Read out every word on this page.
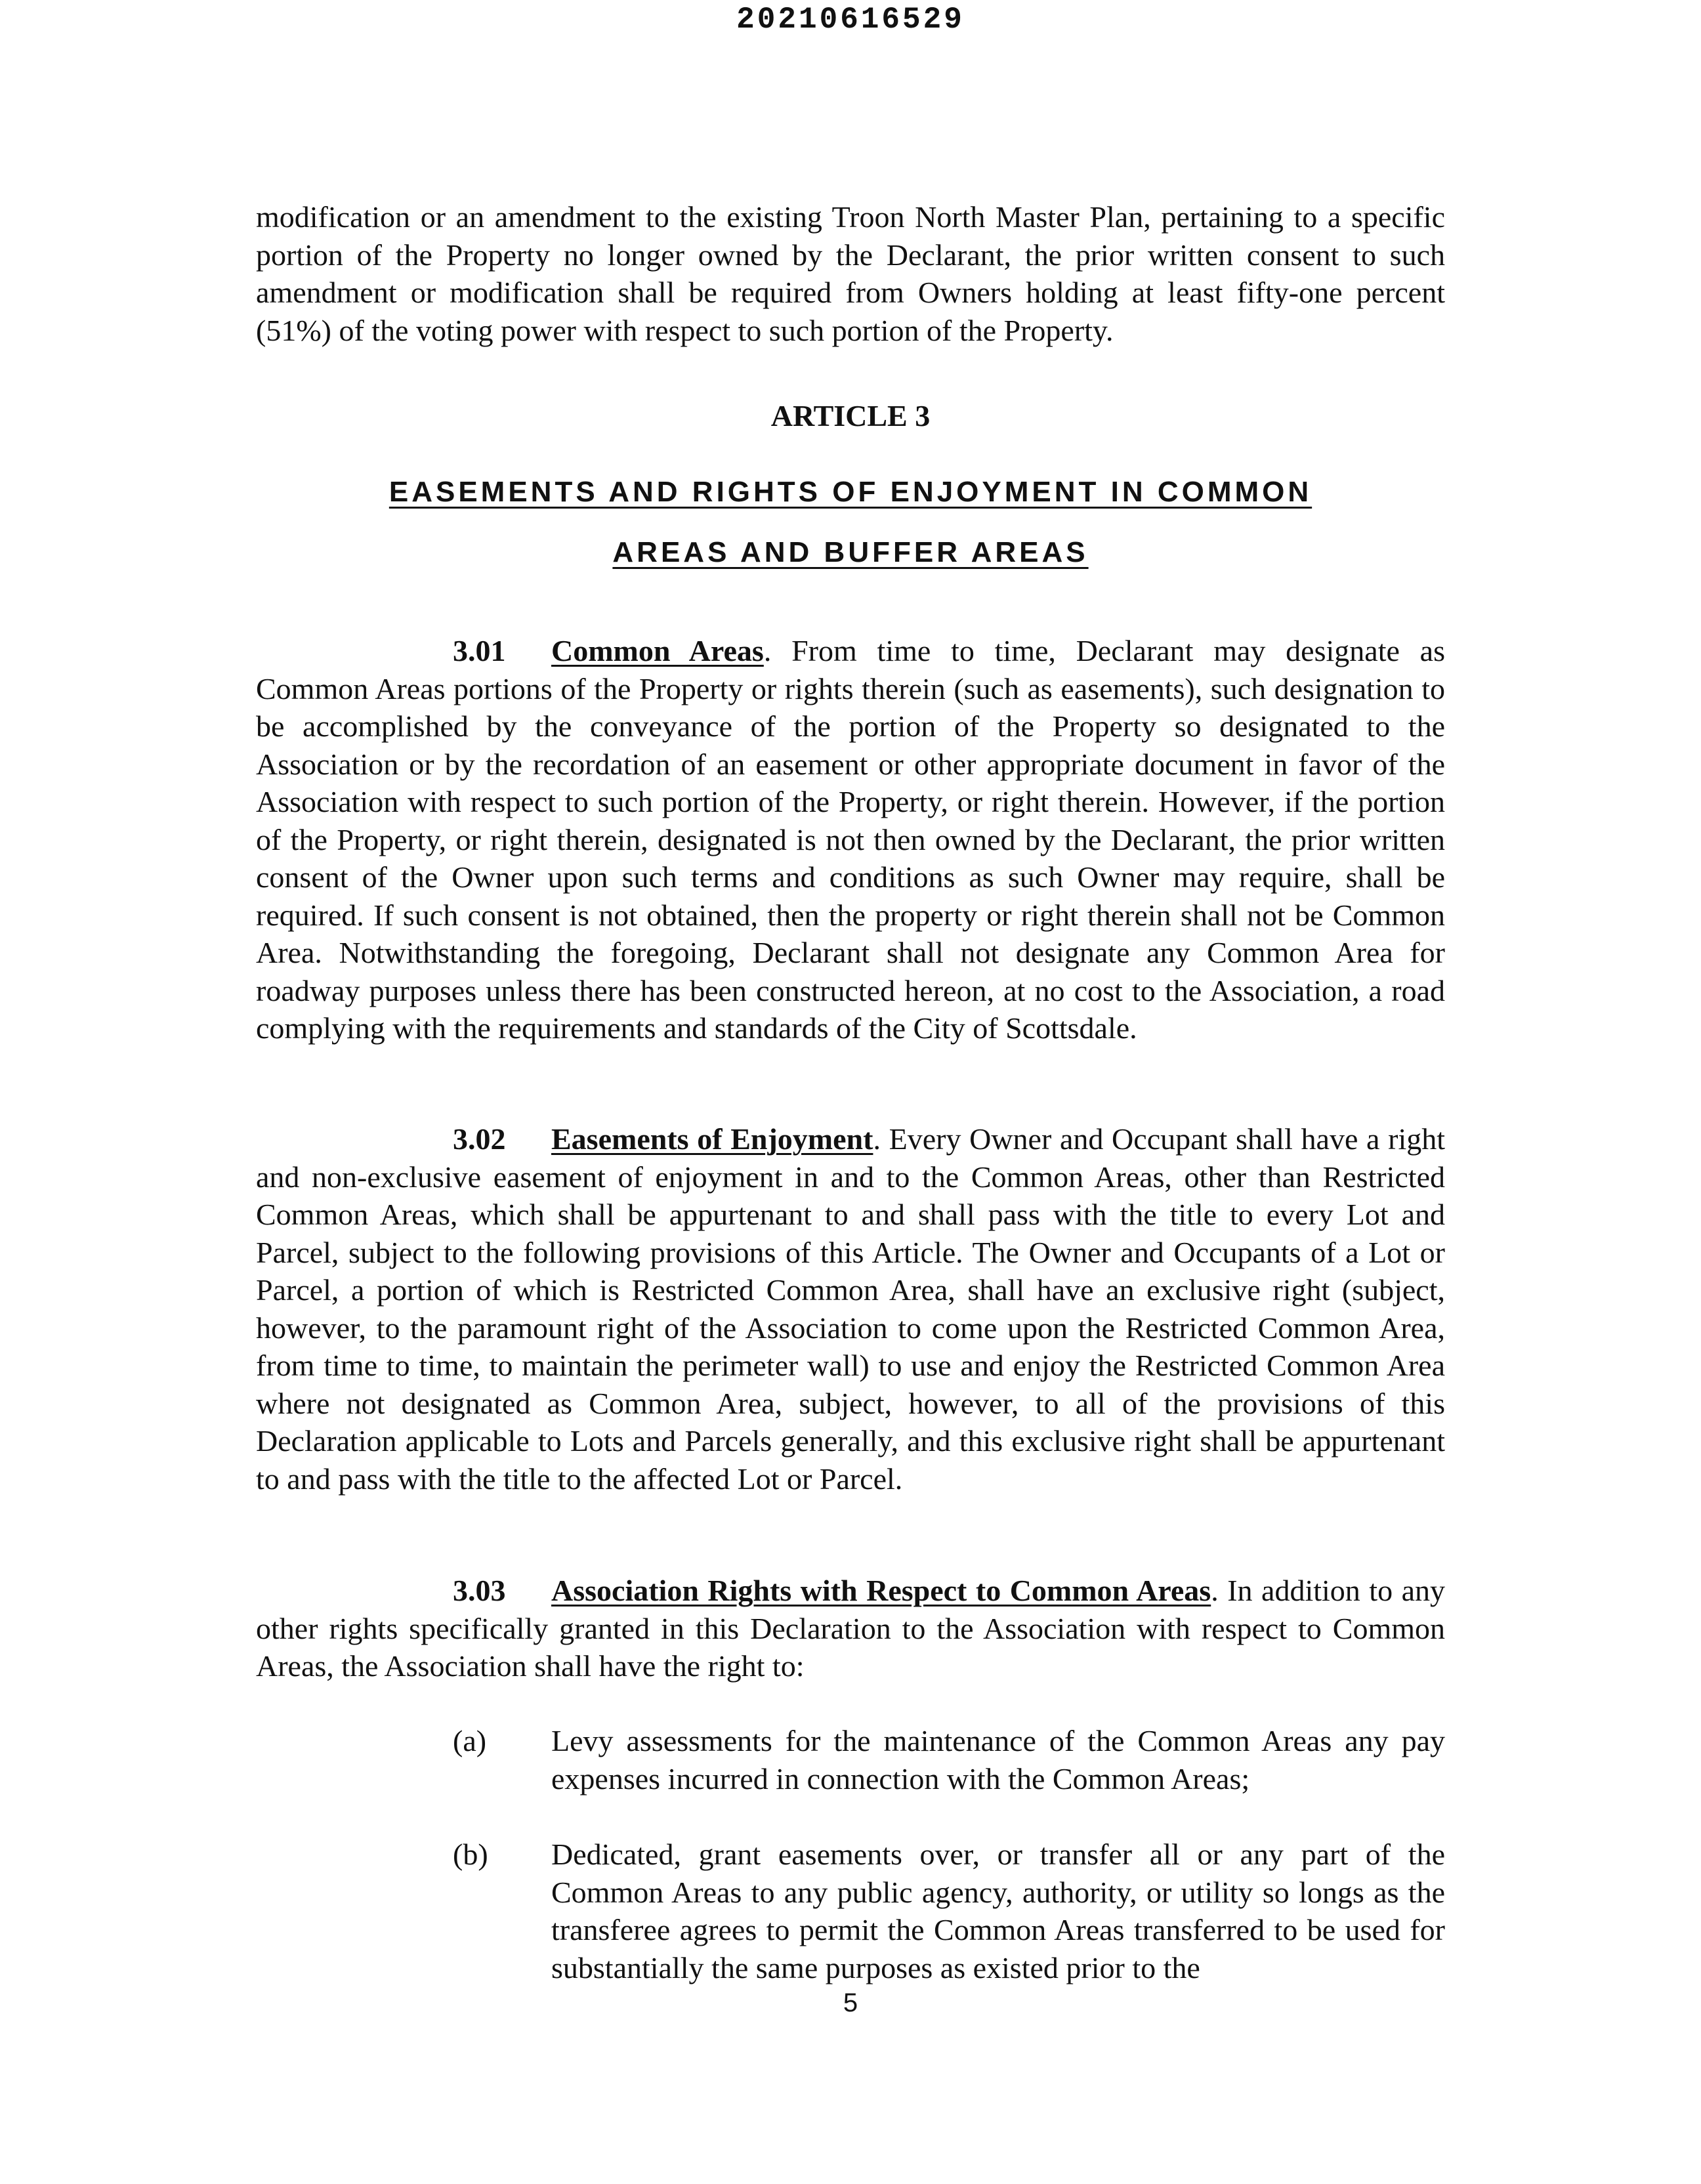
20210616529
modification or an amendment to the existing Troon North Master Plan, pertaining to a specific portion of the Property no longer owned by the Declarant, the prior written consent to such amendment or modification shall be required from Owners holding at least fifty-one percent (51%) of the voting power with respect to such portion of the Property.
ARTICLE 3
EASEMENTS AND RIGHTS OF ENJOYMENT IN COMMON
AREAS AND BUFFER AREAS
3.01 Common Areas. From time to time, Declarant may designate as Common Areas portions of the Property or rights therein (such as easements), such designation to be accomplished by the conveyance of the portion of the Property so designated to the Association or by the recordation of an easement or other appropriate document in favor of the Association with respect to such portion of the Property, or right therein. However, if the portion of the Property, or right therein, designated is not then owned by the Declarant, the prior written consent of the Owner upon such terms and conditions as such Owner may require, shall be required. If such consent is not obtained, then the property or right therein shall not be Common Area. Notwithstanding the foregoing, Declarant shall not designate any Common Area for roadway purposes unless there has been constructed hereon, at no cost to the Association, a road complying with the requirements and standards of the City of Scottsdale.
3.02 Easements of Enjoyment. Every Owner and Occupant shall have a right and non-exclusive easement of enjoyment in and to the Common Areas, other than Restricted Common Areas, which shall be appurtenant to and shall pass with the title to every Lot and Parcel, subject to the following provisions of this Article. The Owner and Occupants of a Lot or Parcel, a portion of which is Restricted Common Area, shall have an exclusive right (subject, however, to the paramount right of the Association to come upon the Restricted Common Area, from time to time, to maintain the perimeter wall) to use and enjoy the Restricted Common Area where not designated as Common Area, subject, however, to all of the provisions of this Declaration applicable to Lots and Parcels generally, and this exclusive right shall be appurtenant to and pass with the title to the affected Lot or Parcel.
3.03 Association Rights with Respect to Common Areas. In addition to any other rights specifically granted in this Declaration to the Association with respect to Common Areas, the Association shall have the right to:
(a) Levy assessments for the maintenance of the Common Areas any pay expenses incurred in connection with the Common Areas;
(b) Dedicated, grant easements over, or transfer all or any part of the Common Areas to any public agency, authority, or utility so longs as the transferee agrees to permit the Common Areas transferred to be used for substantially the same purposes as existed prior to the
5
